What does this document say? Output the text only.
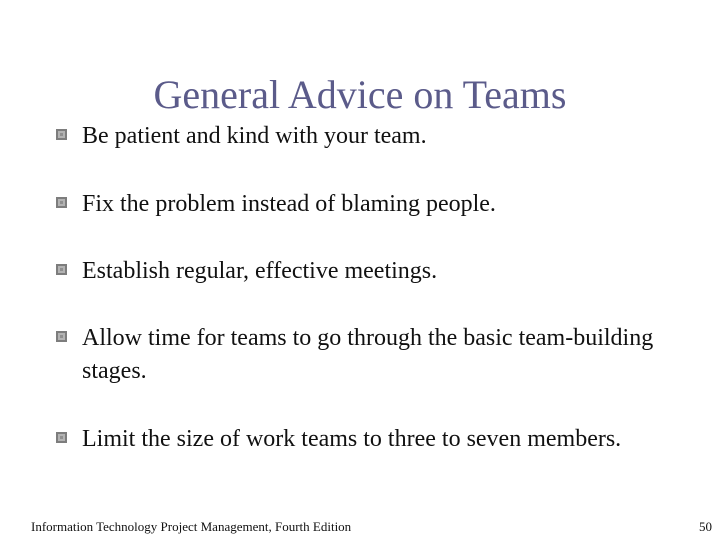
General Advice on Teams
Be patient and kind with your team.
Fix the problem instead of blaming people.
Establish regular, effective meetings.
Allow time for teams to go through the basic team-building stages.
Limit the size of work teams to three to seven members.
Information Technology Project Management, Fourth Edition	50
